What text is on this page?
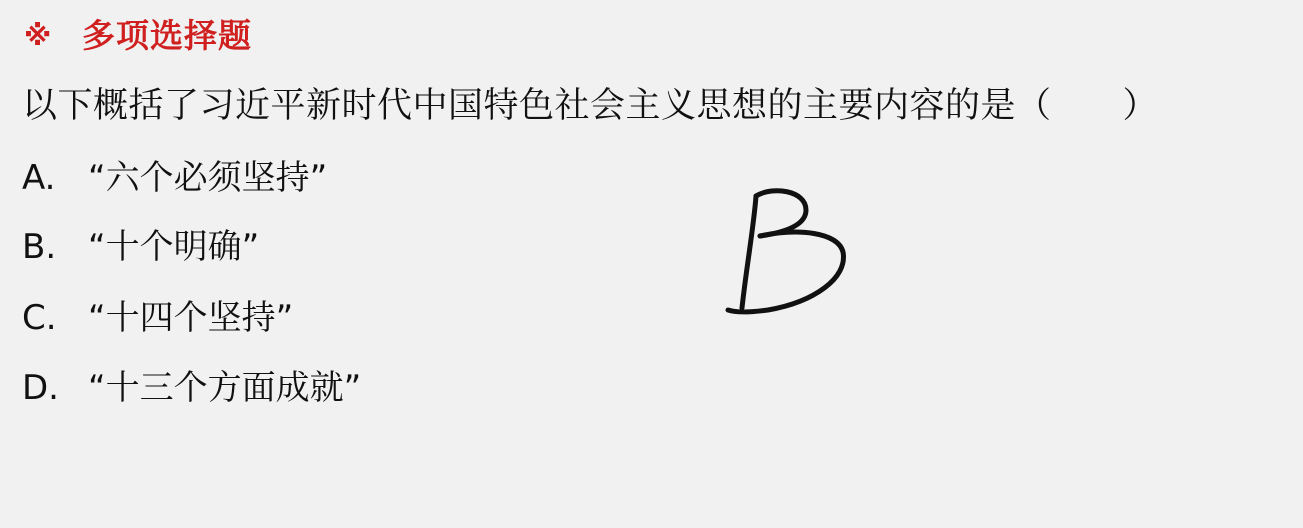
※ 多项选择题
以下概括了习近平新时代中国特色社会主义思想的主要内容的是（　　）
A. “六个必须坚持”
B. “十个明确”
C. “十四个坚持”
D. “十三个方面成就”
